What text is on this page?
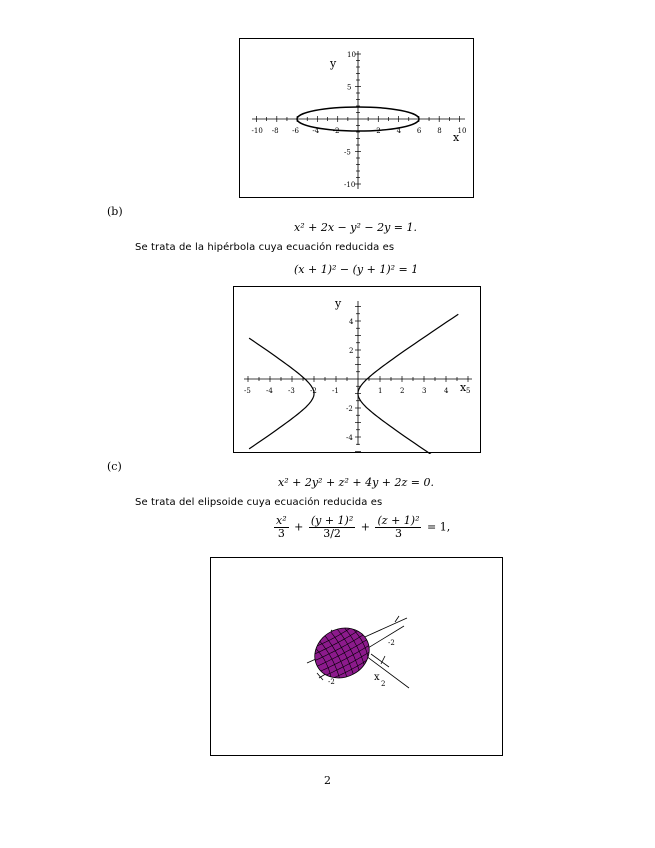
-10 -8 -6 -4 -2	2 4 6 8 10
10
5
-5
-10
y
x
(b)
x² + 2x − y² − 2y = 1.
Se trata de la hipérbola cuya ecuación reducida es
(x + 1)² − (y + 1)² = 1
-5 -4 -3 -2 -1	1	2	3	4	5
4
2
-2
-4
y
x
(c)
x² + 2y² + z² + 4y + 2z = 0.
Se trata del elipsoide cuya ecuación reducida es
$\frac{\text{x²}}{3} + \frac{\text{(y + 1)²}}{3/2} + \frac{\text{(z + 1)²}}{3} = 1$,
-2
2
-2	x
2
